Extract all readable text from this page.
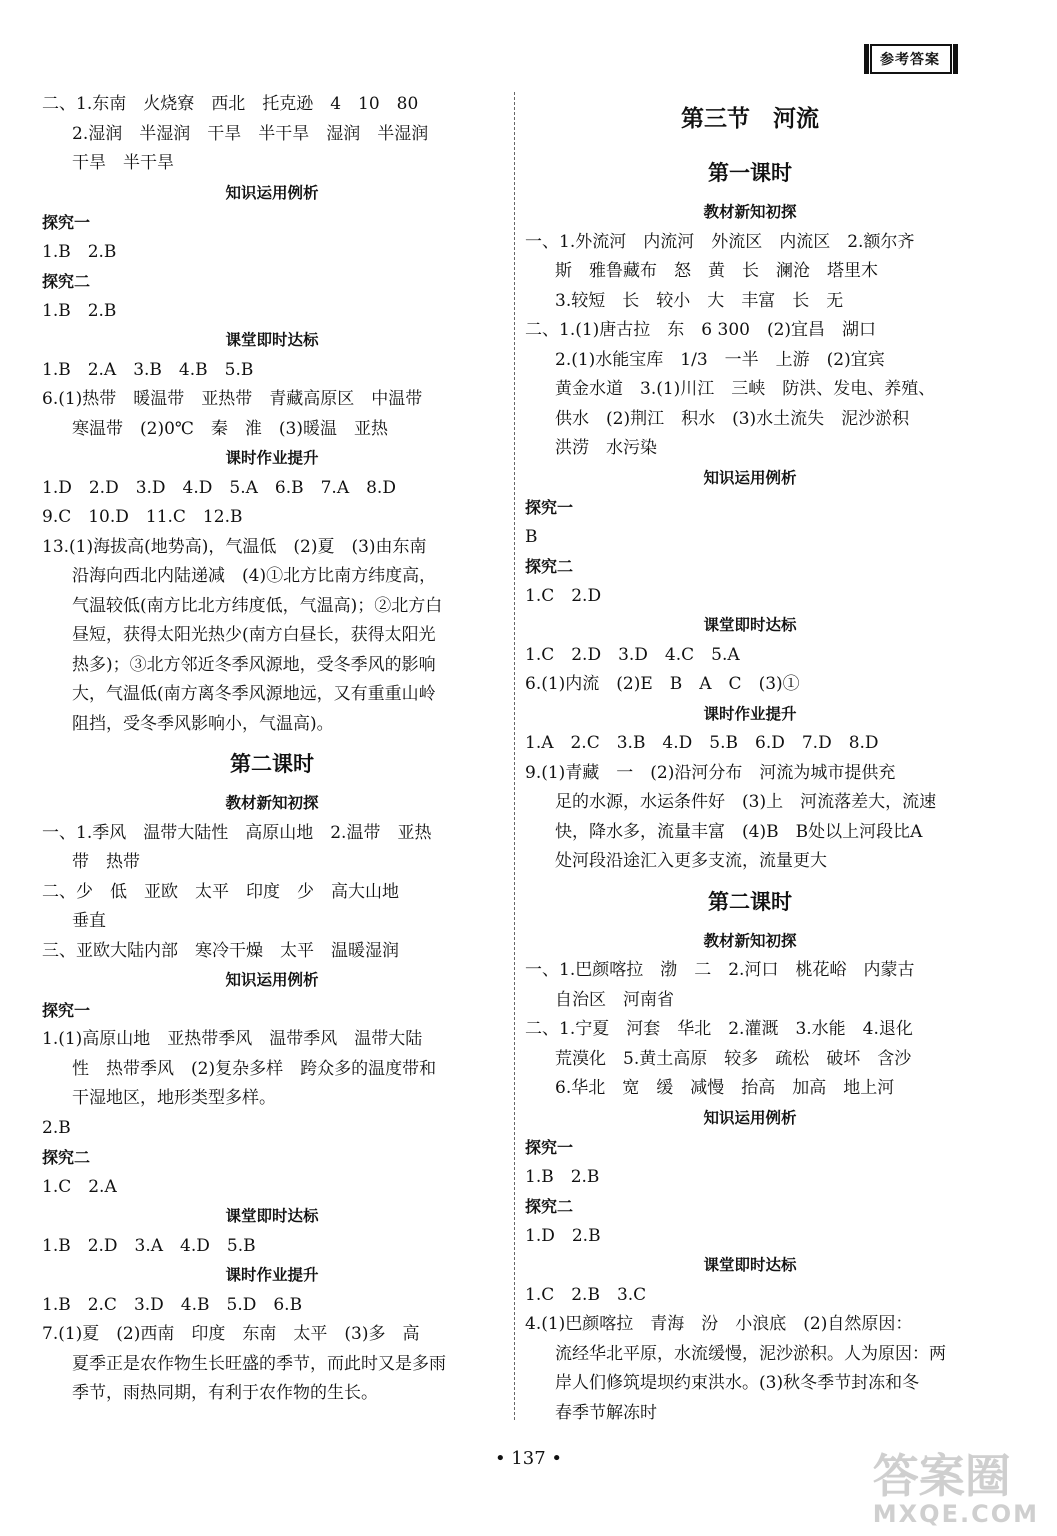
参考答案
二、1.东南　火烧寮　西北　托克逊　4　10　80
2.湿润　半湿润　干旱　半干旱　湿润　半湿润
干旱　半干旱
知识运用例析
探究一
1.B　2.B
探究二
1.B　2.B
课堂即时达标
1.B　2.A　3.B　4.B　5.B
6.(1)热带　暖温带　亚热带　青藏高原区　中温带
寒温带　(2)0℃　秦　淮　(3)暖温　亚热
课时作业提升
1.D　2.D　3.D　4.D　5.A　6.B　7.A　8.D
9.C　10.D　11.C　12.B
13.(1)海拔高(地势高)，气温低　(2)夏　(3)由东南
沿海向西北内陆递减　(4)①北方比南方纬度高，
气温较低(南方比北方纬度低，气温高)；②北方白
昼短，获得太阳光热少(南方白昼长，获得太阳光
热多)；③北方邻近冬季风源地，受冬季风的影响
大，气温低(南方离冬季风源地远，又有重重山岭
阻挡，受冬季风影响小，气温高)。
第二课时
教材新知初探
一、1.季风　温带大陆性　高原山地　2.温带　亚热
带　热带
二、少　低　亚欧　太平　印度　少　高大山地
垂直
三、亚欧大陆内部　寒冷干燥　太平　温暖湿润
知识运用例析
探究一
1.(1)高原山地　亚热带季风　温带季风　温带大陆
性　热带季风　(2)复杂多样　跨众多的温度带和
干湿地区，地形类型多样。
2.B
探究二
1.C　2.A
课堂即时达标
1.B　2.D　3.A　4.D　5.B
课时作业提升
1.B　2.C　3.D　4.B　5.D　6.B
7.(1)夏　(2)西南　印度　东南　太平　(3)多　高
夏季正是农作物生长旺盛的季节，而此时又是多雨
季节，雨热同期，有利于农作物的生长。
第三节　河流
第一课时
教材新知初探
一、1.外流河　内流河　外流区　内流区　2.额尔齐
斯　雅鲁藏布　怒　黄　长　澜沧　塔里木
3.较短　长　较小　大　丰富　长　无
二、1.(1)唐古拉　东　6 300　(2)宜昌　湖口
2.(1)水能宝库　1/3　一半　上游　(2)宜宾
黄金水道　3.(1)川江　三峡　防洪、发电、养殖、
供水　(2)荆江　积水　(3)水土流失　泥沙淤积
洪涝　水污染
知识运用例析
探究一
B
探究二
1.C　2.D
课堂即时达标
1.C　2.D　3.D　4.C　5.A
6.(1)内流　(2)E　B　A　C　(3)①
课时作业提升
1.A　2.C　3.B　4.D　5.B　6.D　7.D　8.D
9.(1)青藏　一　(2)沿河分布　河流为城市提供充
足的水源，水运条件好　(3)上　河流落差大，流速
快，降水多，流量丰富　(4)B　B处以上河段比A
处河段沿途汇入更多支流，流量更大
第二课时
教材新知初探
一、1.巴颜喀拉　渤　二　2.河口　桃花峪　内蒙古
自治区　河南省
二、1.宁夏　河套　华北　2.灌溉　3.水能　4.退化
荒漠化　5.黄土高原　较多　疏松　破坏　含沙
6.华北　宽　缓　减慢　抬高　加高　地上河
知识运用例析
探究一
1.B　2.B
探究二
1.D　2.B
课堂即时达标
1.C　2.B　3.C
4.(1)巴颜喀拉　青海　汾　小浪底　(2)自然原因：
流经华北平原，水流缓慢，泥沙淤积。人为原因：两
岸人们修筑堤坝约束洪水。(3)秋冬季节封冻和冬
春季节解冻时
• 137 •	答案圈
MXQE.COM
